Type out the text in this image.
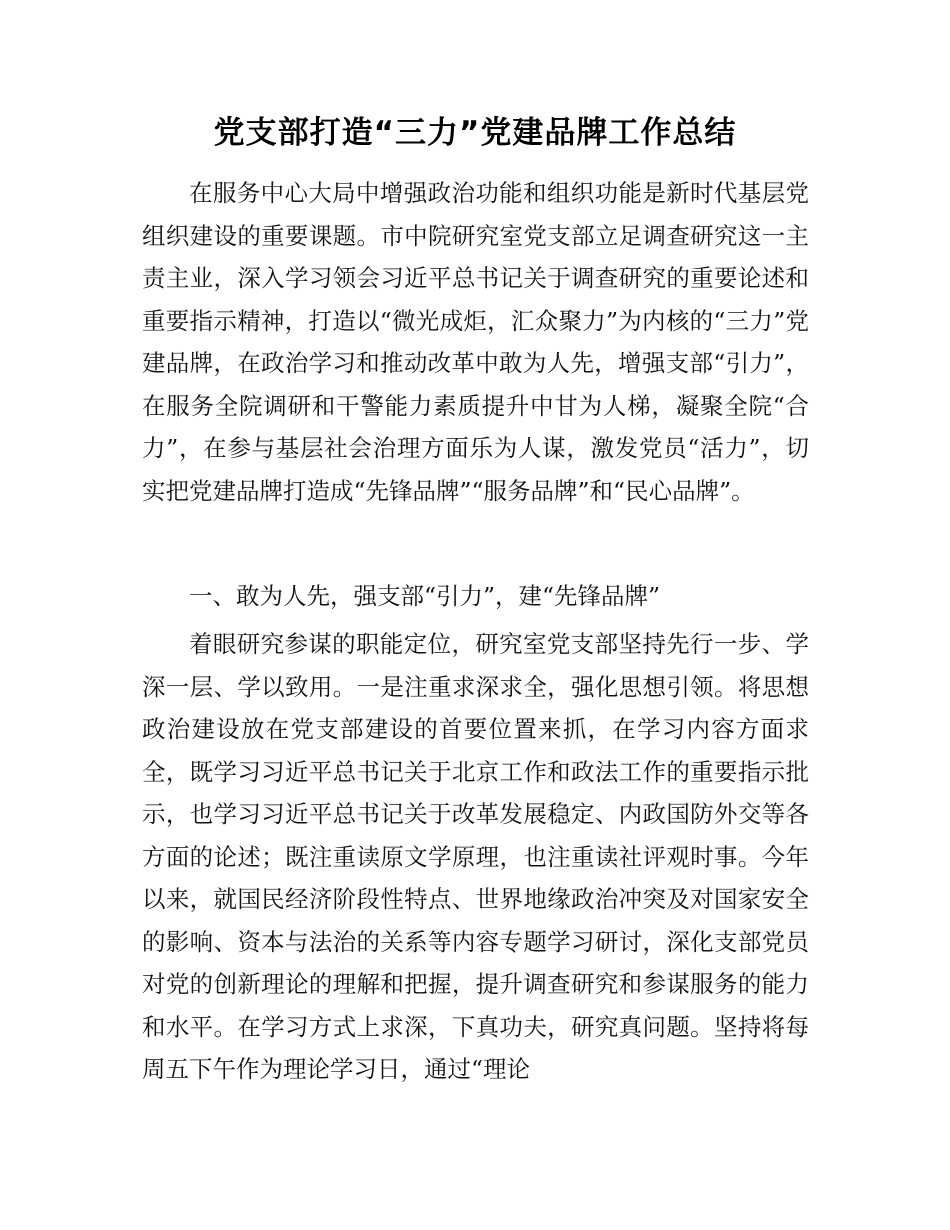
党支部打造“三力”党建品牌工作总结

在服务中心大局中增强政治功能和组织功能是新时代基层党组织建设的重要课题。市中院研究室党支部立足调查研究这一主责主业，深入学习领会习近平总书记关于调查研究的重要论述和重要指示精神，打造以“微光成炬，汇众聚力”为内核的“三力”党建品牌，在政治学习和推动改革中敢为人先，增强支部“引力”，在服务全院调研和干警能力素质提升中甘为人梯，凝聚全院“合力”，在参与基层社会治理方面乐为人谋，激发党员“活力”，切实把党建品牌打造成“先锋品牌”“服务品牌”和“民心品牌”。

一、敢为人先，强支部“引力”，建“先锋品牌”

着眼研究参谋的职能定位，研究室党支部坚持先行一步、学深一层、学以致用。一是注重求深求全，强化思想引领。将思想政治建设放在党支部建设的首要位置来抓，在学习内容方面求全，既学习习近平总书记关于北京工作和政法工作的重要指示批示，也学习习近平总书记关于改革发展稳定、内政国防外交等各方面的论述；既注重读原文学原理，也注重读社评观时事。今年以来，就国民经济阶段性特点、世界地缘政治冲突及对国家安全的影响、资本与法治的关系等内容专题学习研讨，深化支部党员对党的创新理论的理解和把握，提升调查研究和参谋服务的能力和水平。在学习方式上求深，下真功夫，研究真问题。坚持将每周五下午作为理论学习日，通过“理论
